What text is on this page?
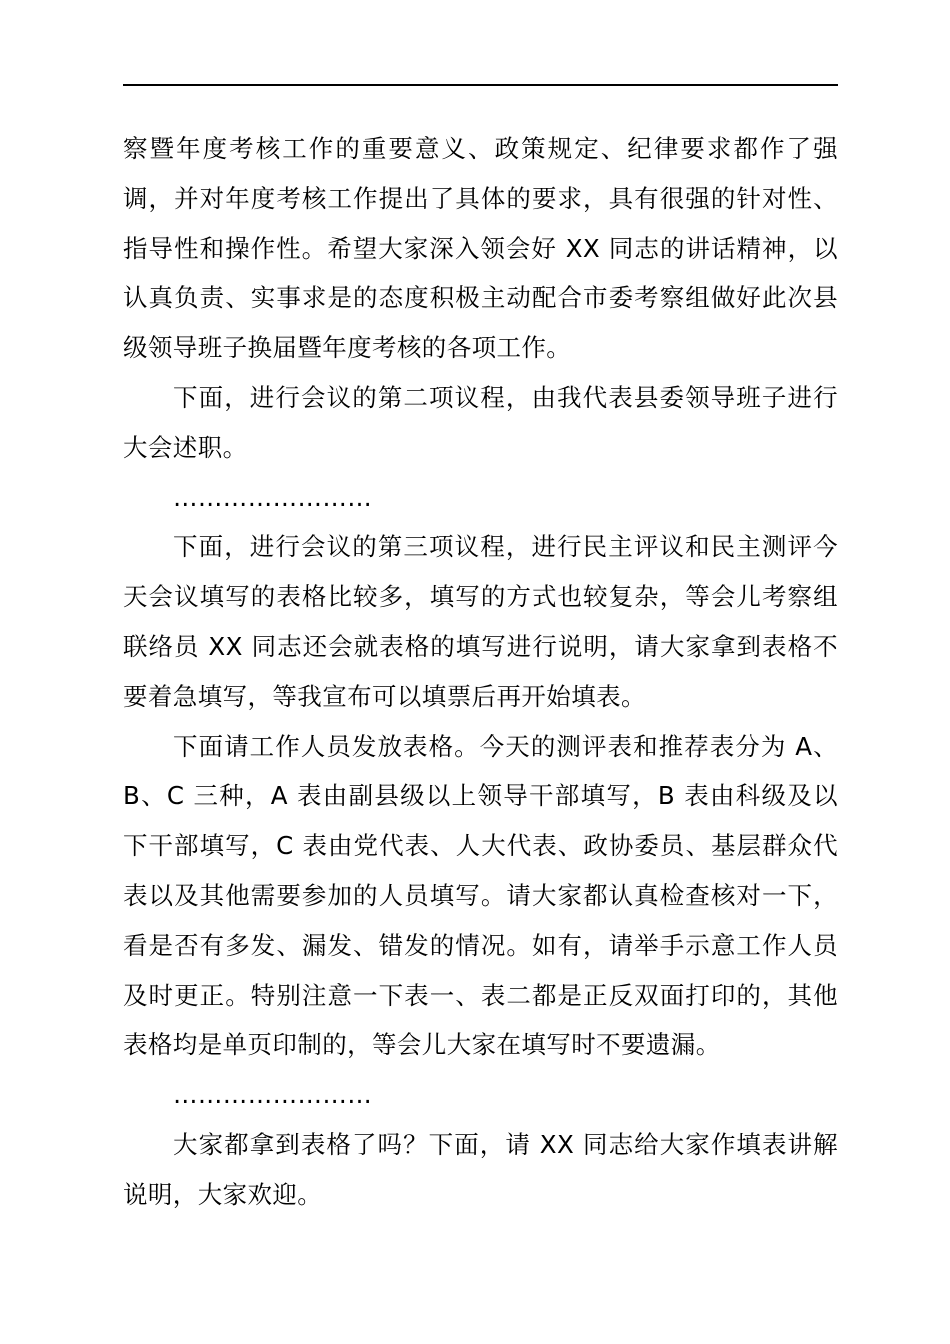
察暨年度考核工作的重要意义、政策规定、纪律要求都作了强调，并对年度考核工作提出了具体的要求，具有很强的针对性、指导性和操作性。希望大家深入领会好 XX 同志的讲话精神，以认真负责、实事求是的态度积极主动配合市委考察组做好此次县级领导班子换届暨年度考核的各项工作。

下面，进行会议的第二项议程，由我代表县委领导班子进行大会述职。

……………………

下面，进行会议的第三项议程，进行民主评议和民主测评今天会议填写的表格比较多，填写的方式也较复杂，等会儿考察组联络员 XX 同志还会就表格的填写进行说明，请大家拿到表格不要着急填写，等我宣布可以填票后再开始填表。

下面请工作人员发放表格。今天的测评表和推荐表分为 A、B、C 三种，A 表由副县级以上领导干部填写，B 表由科级及以下干部填写，C 表由党代表、人大代表、政协委员、基层群众代表以及其他需要参加的人员填写。请大家都认真检查核对一下，看是否有多发、漏发、错发的情况。如有，请举手示意工作人员及时更正。特别注意一下表一、表二都是正反双面打印的，其他表格均是单页印制的，等会儿大家在填写时不要遗漏。

……………………

大家都拿到表格了吗？下面，请 XX 同志给大家作填表讲解说明，大家欢迎。
